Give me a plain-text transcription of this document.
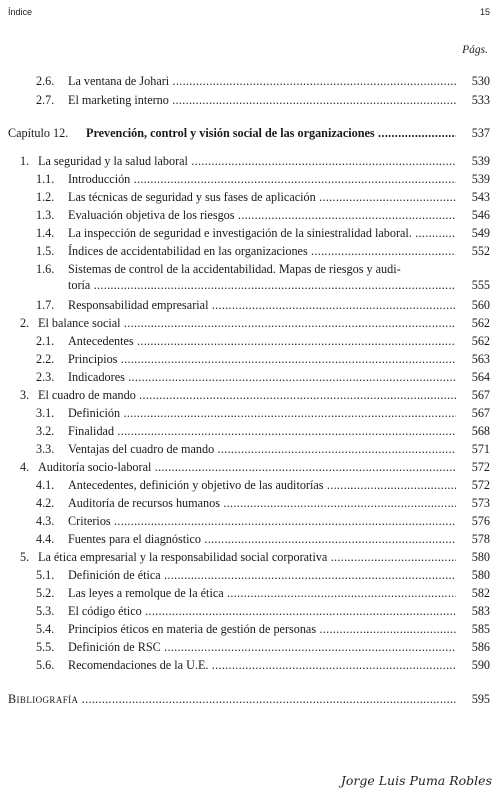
Índice	15
Págs.
2.6. La ventana de Johari .....	530
2.7. El marketing interno .....	533
Capítulo 12. Prevención, control y visión social de las organizaciones .....	537
1. La seguridad y la salud laboral .....	539
1.1. Introducción .....	539
1.2. Las técnicas de seguridad y sus fases de aplicación .....	543
1.3. Evaluación objetiva de los riesgos .....	546
1.4. La inspección de seguridad e investigación de la siniestralidad laboral. .....	549
1.5. Índices de accidentabilidad en las organizaciones .....	552
1.6. Sistemas de control de la accidentabilidad. Mapas de riesgos y audi-
toría .....	555
1.7. Responsabilidad empresarial .....	560
2. El balance social .....	562
2.1. Antecedentes .....	562
2.2. Principios .....	563
2.3. Indicadores .....	564
3. El cuadro de mando .....	567
3.1. Definición .....	567
3.2. Finalidad .....	568
3.3. Ventajas del cuadro de mando .....	571
4. Auditoría socio-laboral .....	572
4.1. Antecedentes, definición y objetivo de las auditorías .....	572
4.2. Auditoría de recursos humanos .....	573
4.3. Criterios .....	576
4.4. Fuentes para el diagnóstico .....	578
5. La ética empresarial y la responsabilidad social corporativa .....	580
5.1. Definición de ética .....	580
5.2. Las leyes a remolque de la ética .....	582
5.3. El código ético .....	583
5.4. Principios éticos en materia de gestión de personas .....	585
5.5. Definición de RSC .....	586
5.6. Recomendaciones de la U.E. .....	590
Bibliografía .....	595
Jorge Luis Puma Robles
